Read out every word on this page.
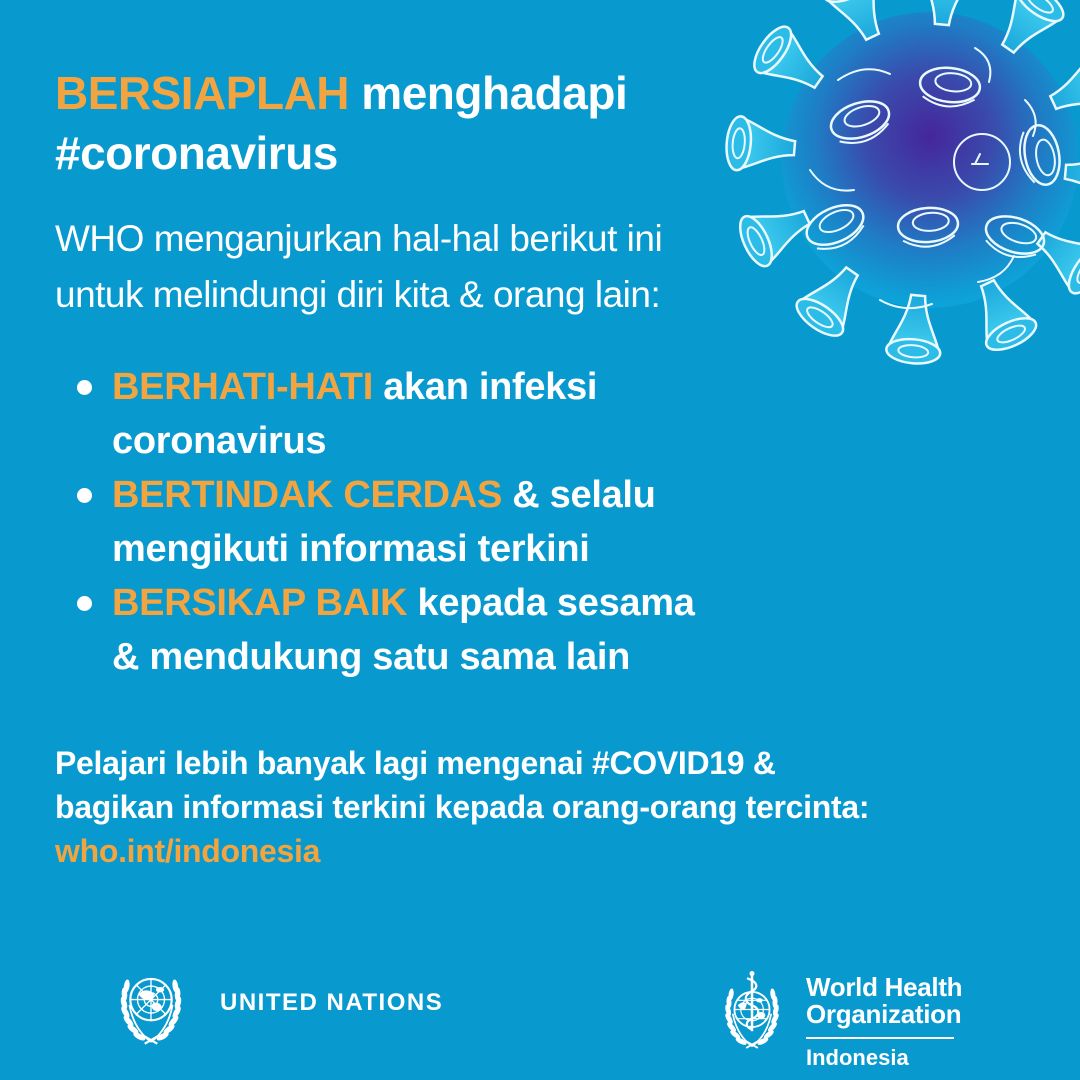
BERSIAPLAH menghadapi
#coronavirus

WHO menganjurkan hal-hal berikut ini
untuk melindungi diri kita & orang lain:

BERHATI-HATI akan infeksi
coronavirus
BERTINDAK CERDAS & selalu
mengikuti informasi terkini
BERSIKAP BAIK kepada sesama
& mendukung satu sama lain

Pelajari lebih banyak lagi mengenai #COVID19 &
bagikan informasi terkini kepada orang-orang tercinta:
who.int/indonesia

UNITED NATIONS
World Health
Organization
Indonesia
